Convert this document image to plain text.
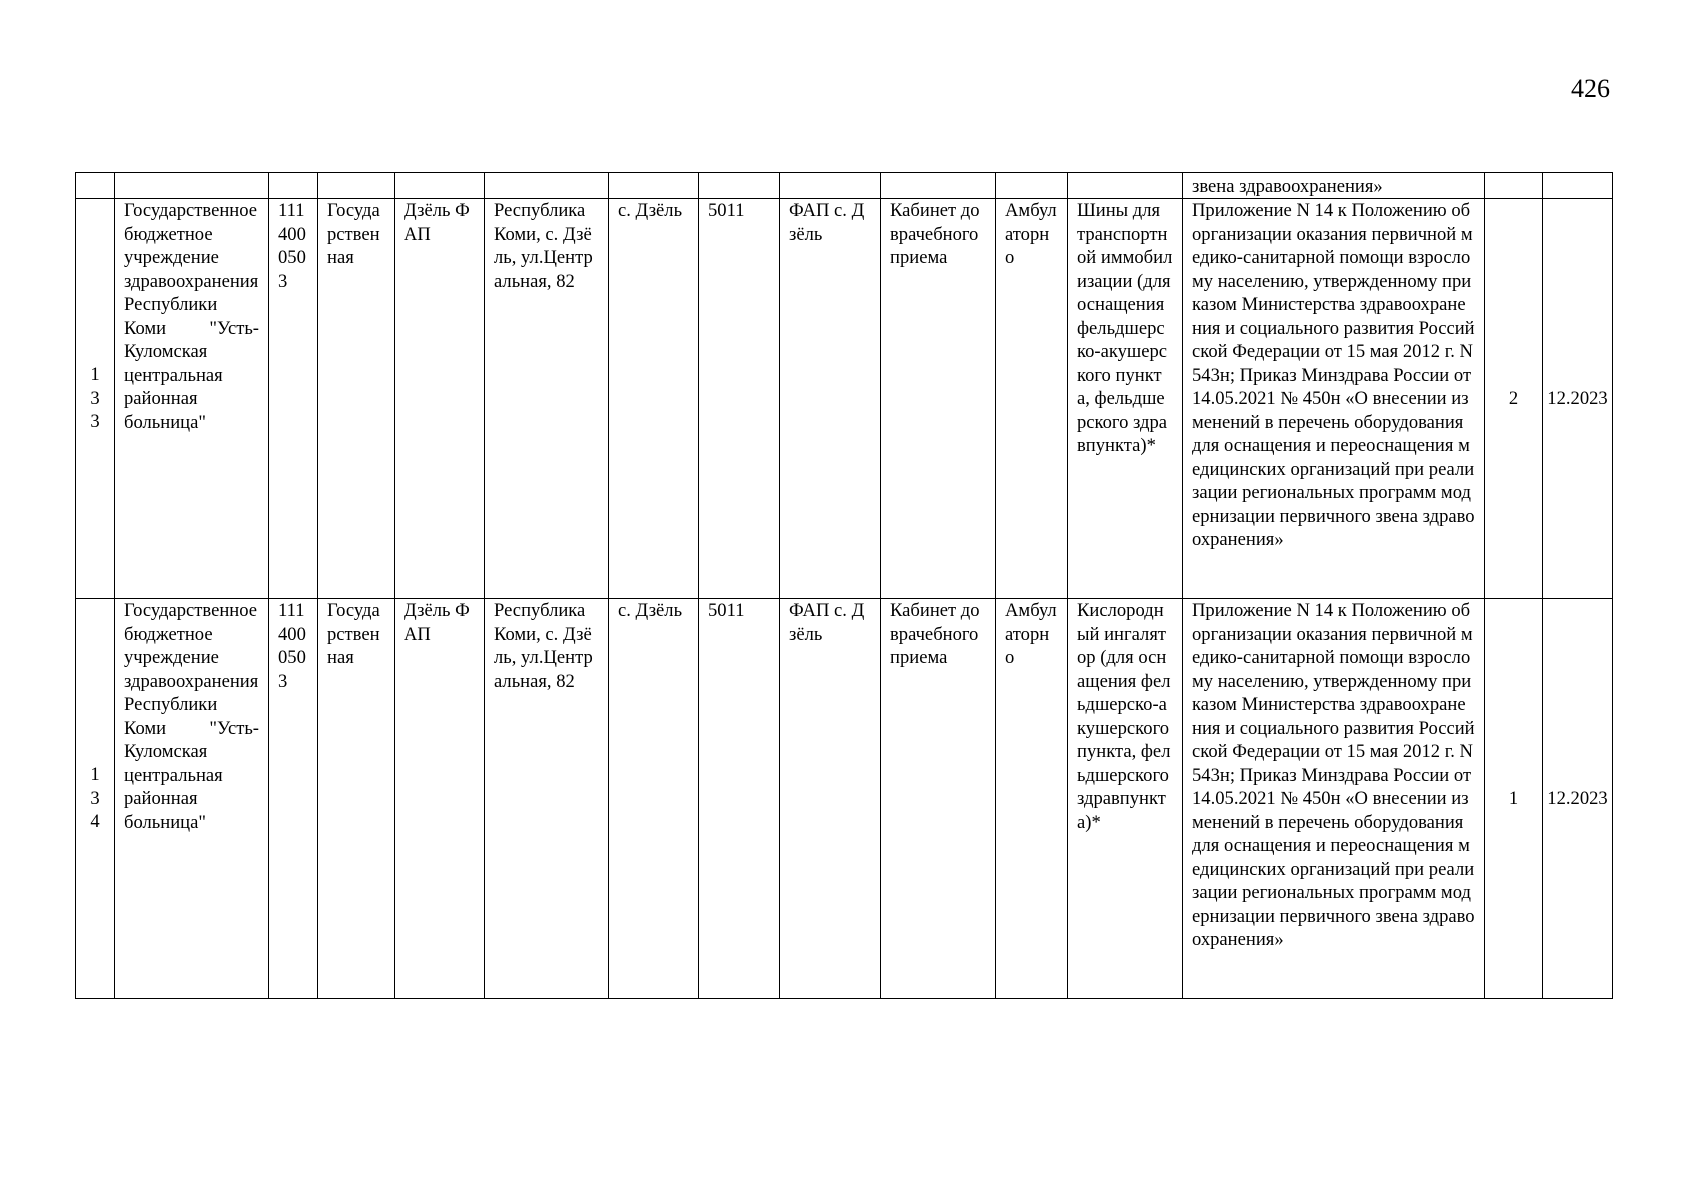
426
												звена здравоохранения»		
133	Государственное бюджетное учреждение здравоохранения Республики Коми "Усть-Куломская центральная районная больница"	1114000503	Государственная	Дзёль ФАП	Республика Коми, с. Дзёль, ул.Центральная, 82	с. Дзёль	5011	ФАП с. Дзёль	Кабинет доврачебного приема	Амбулаторно	Шины для транспортной иммобилизации (для оснащения фельдшерско-акушерского пункта, фельдшерского здравпункта)*	Приложение N 14 к Положению об организации оказания первичной медико-санитарной помощи взрослому населению, утвержденному приказом Министерства здравоохранения и социального развития Российской Федерации от 15 мая 2012 г. N 543н; Приказ Минздрава России от 14.05.2021 № 450н «О внесении изменений в перечень оборудования для оснащения и переоснащения медицинских организаций при реализации региональных программ модернизации первичного звена здравоохранения»	2	12.2023
134	Государственное бюджетное учреждение здравоохранения Республики Коми "Усть-Куломская центральная районная больница"	1114000503	Государственная	Дзёль ФАП	Республика Коми, с. Дзёль, ул.Центральная, 82	с. Дзёль	5011	ФАП с. Дзёль	Кабинет доврачебного приема	Амбулаторно	Кислородный ингалятор (для оснащения фельдшерско-акушерского пункта, фельдшерского здравпункта)*	Приложение N 14 к Положению об организации оказания первичной медико-санитарной помощи взрослому населению, утвержденному приказом Министерства здравоохранения и социального развития Российской Федерации от 15 мая 2012 г. N 543н; Приказ Минздрава России от 14.05.2021 № 450н «О внесении изменений в перечень оборудования для оснащения и переоснащения медицинских организаций при реализации региональных программ модернизации первичного звена здравоохранения»	1	12.2023
